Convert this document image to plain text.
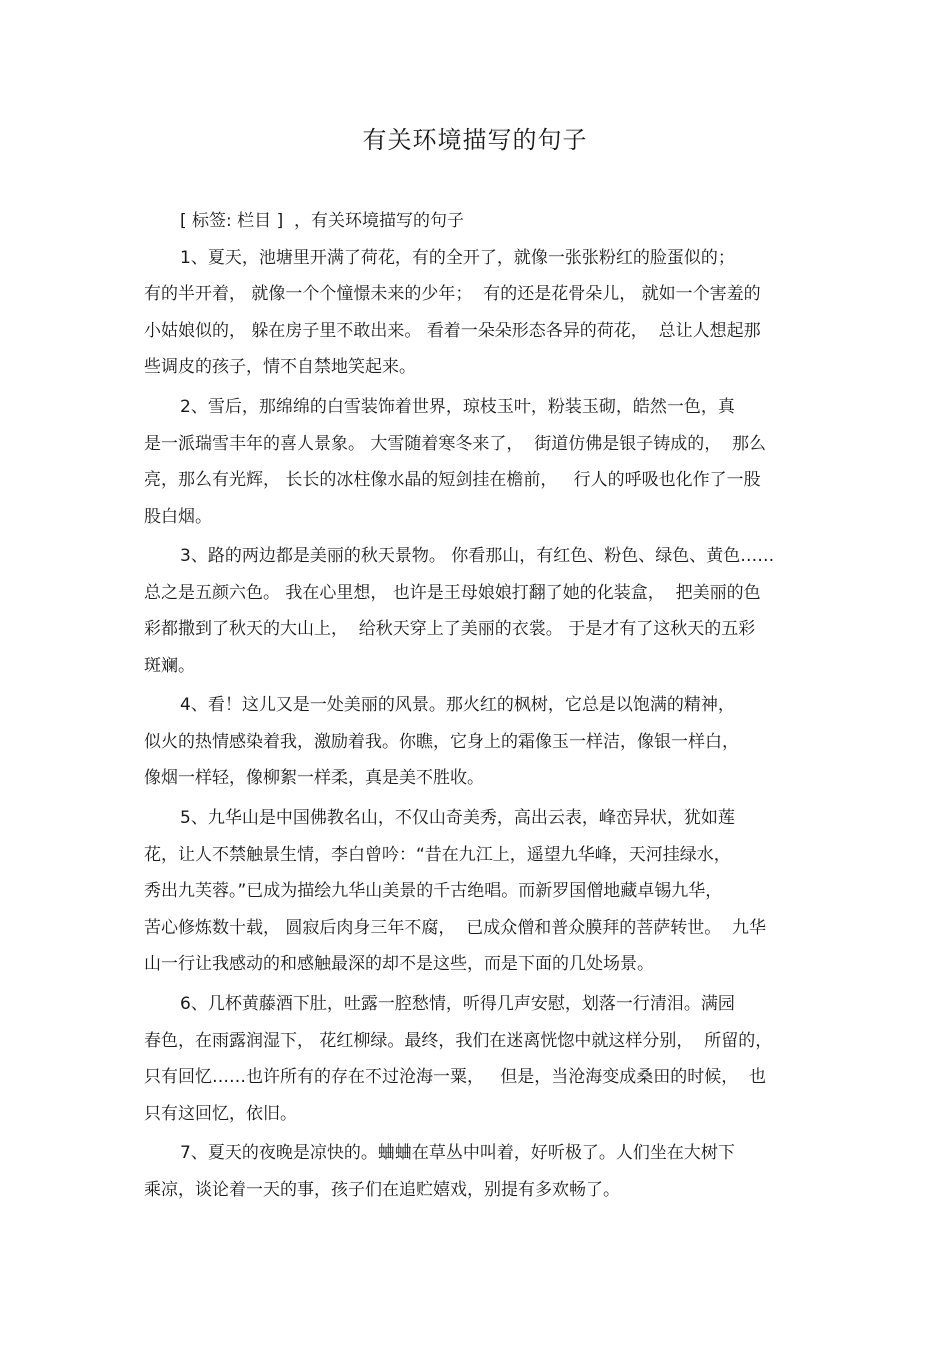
有关环境描写的句子
[ 标签: 栏目 ]  ，有关环境描写的句子
1、夏天，池塘里开满了荷花，有的全开了，就像一张张粉红的脸蛋似的；
有的半开着， 就像一个个憧憬未来的少年；  有的还是花骨朵儿， 就如一个害羞的
小姑娘似的， 躲在房子里不敢出来。 看着一朵朵形态各异的荷花，  总让人想起那
些调皮的孩子，情不自禁地笑起来。
2、雪后，那绵绵的白雪装饰着世界，琼枝玉叶，粉装玉砌，皓然一色，真
是一派瑞雪丰年的喜人景象。 大雪随着寒冬来了，  街道仿佛是银子铸成的，  那么
亮，那么有光辉， 长长的冰柱像水晶的短剑挂在檐前，   行人的呼吸也化作了一股
股白烟。
3、路的两边都是美丽的秋天景物。 你看那山，有红色、粉色、绿色、黄色……
总之是五颜六色。 我在心里想， 也许是王母娘娘打翻了她的化装盒，  把美丽的色
彩都撒到了秋天的大山上，  给秋天穿上了美丽的衣裳。 于是才有了这秋天的五彩
斑斓。
4、看！这儿又是一处美丽的风景。那火红的枫树，它总是以饱满的精神，
似火的热情感染着我，激励着我。你瞧，它身上的霜像玉一样洁，像银一样白，
像烟一样轻，像柳絮一样柔，真是美不胜收。
5、九华山是中国佛教名山，不仅山奇美秀，高出云表，峰峦异状，犹如莲
花，让人不禁触景生情，李白曾吟：“昔在九江上，遥望九华峰，天河挂绿水，
秀出九芙蓉。”已成为描绘九华山美景的千古绝唱。而新罗国僧地藏卓锡九华，
苦心修炼数十载， 圆寂后肉身三年不腐，  已成众僧和普众膜拜的菩萨转世。  九华
山一行让我感动的和感触最深的却不是这些，而是下面的几处场景。
6、几杯黄藤酒下肚，吐露一腔愁情，听得几声安慰，划落一行清泪。满园
春色，在雨露润湿下， 花红柳绿。最终，我们在迷离恍惚中就这样分别，  所留的，
只有回忆……也许所有的存在不过沧海一粟，   但是，当沧海变成桑田的时候，  也
只有这回忆，依旧。
7、夏天的夜晚是凉快的。蛐蛐在草丛中叫着，好听极了。人们坐在大树下
乘凉，谈论着一天的事，孩子们在追贮嬉戏，别提有多欢畅了。
